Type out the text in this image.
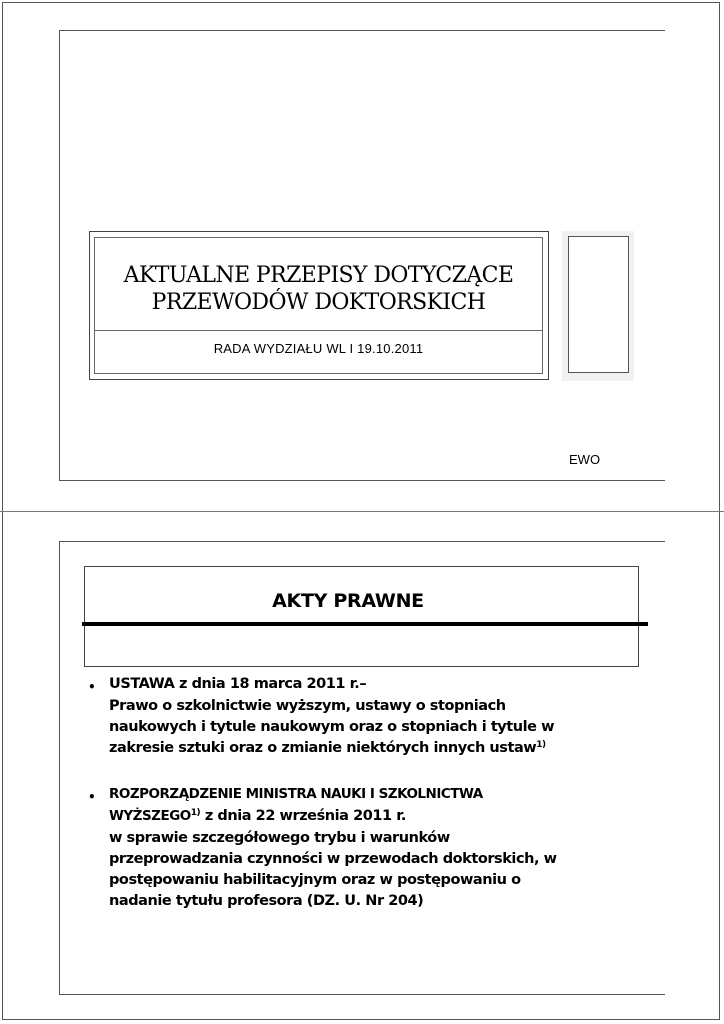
AKTUALNE PRZEPISY DOTYCZĄCE
PRZEWODÓW DOKTORSKICH
RADA WYDZIAŁU WL I 19.10.2011
EWO
AKTY PRAWNE
• USTAWA z dnia 18 marca 2011 r.–
Prawo o szkolnictwie wyższym, ustawy o stopniach
naukowych i tytule naukowym oraz o stopniach i tytule w
zakresie sztuki oraz o zmianie niektórych innych ustaw$^{1)}$
• ROZPORZĄDZENIE MINISTRA NAUKI I SZKOLNICTWA
WYŻSZEGO$^{1)}$ z dnia 22 września 2011 r.
w sprawie szczegółowego trybu i warunków
przeprowadzania czynności w przewodach doktorskich, w
postępowaniu habilitacyjnym oraz w postępowaniu o
nadanie tytułu profesora (DZ. U. Nr 204)
